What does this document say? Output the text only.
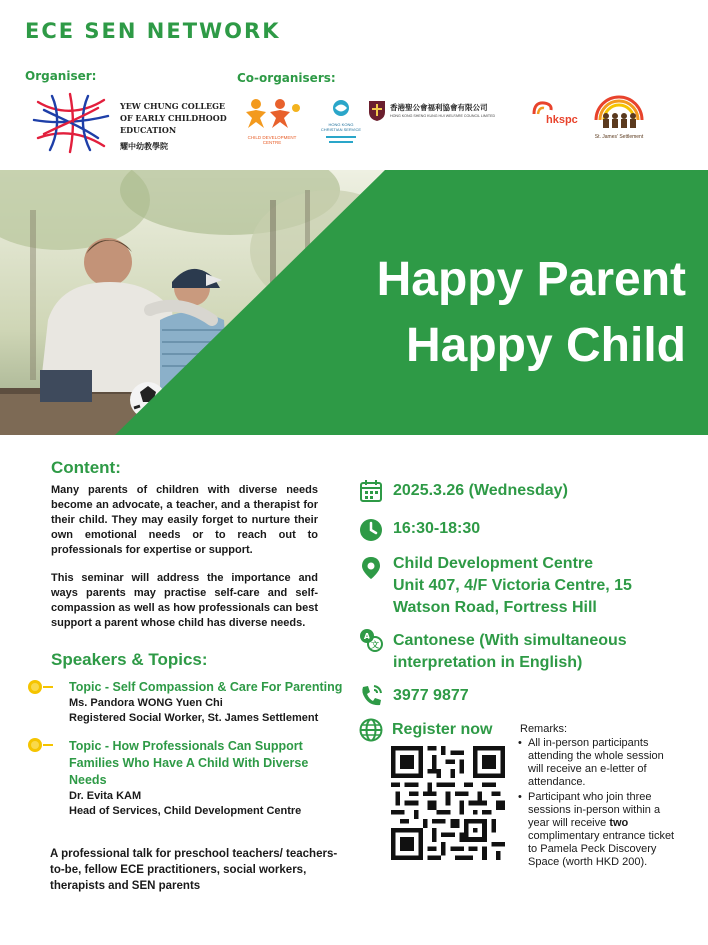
ECE SEN NETWORK
Organiser:	Co-organisers:
YEW CHUNG COLLEGE
OF EARLY CHILDHOOD
EDUCATION
耀中幼教學院
CHILD DEVELOPMENT CENTRE
HONG KONG CHRISTIAN SERVICE
香港聖公會福利協會有限公司
HONG KONG SHENG KUNG HUI WELFARE COUNCIL LIMITED	hkspc
St. James' Settlement
Happy Parent
Happy Child
Content:
Many parents of children with diverse needs become an advocate, a teacher, and a therapist for their child. They may easily forget to nurture their own emotional needs or to reach out to professionals for expertise or support.
This seminar will address the importance and ways parents may practise self-care and self-compassion as well as how professionals can best support a parent whose child has diverse needs.
Speakers & Topics:
Topic - Self Compassion & Care For Parenting
Ms. Pandora WONG Yuen Chi
Registered Social Worker, St. James Settlement
Topic - How Professionals Can Support Families Who Have A Child With Diverse Needs
Dr. Evita KAM
Head of Services, Child Development Centre
A professional talk for preschool teachers/ teachers-to-be, fellow ECE practitioners, social workers, therapists and SEN parents
2025.3.26 (Wednesday)
16:30-18:30
Child Development Centre
Unit 407, 4/F Victoria Centre, 15
Watson Road, Fortress Hill
A
文 Cantonese (With simultaneous
interpretation in English)
3977 9877
Register now	Remarks:
• All in-person participants attending the whole session will receive an e-letter of attendance.
• Participant who join three sessions in-person within a year will receive two complimentary entrance ticket to Pamela Peck Discovery Space (worth HKD 200).
